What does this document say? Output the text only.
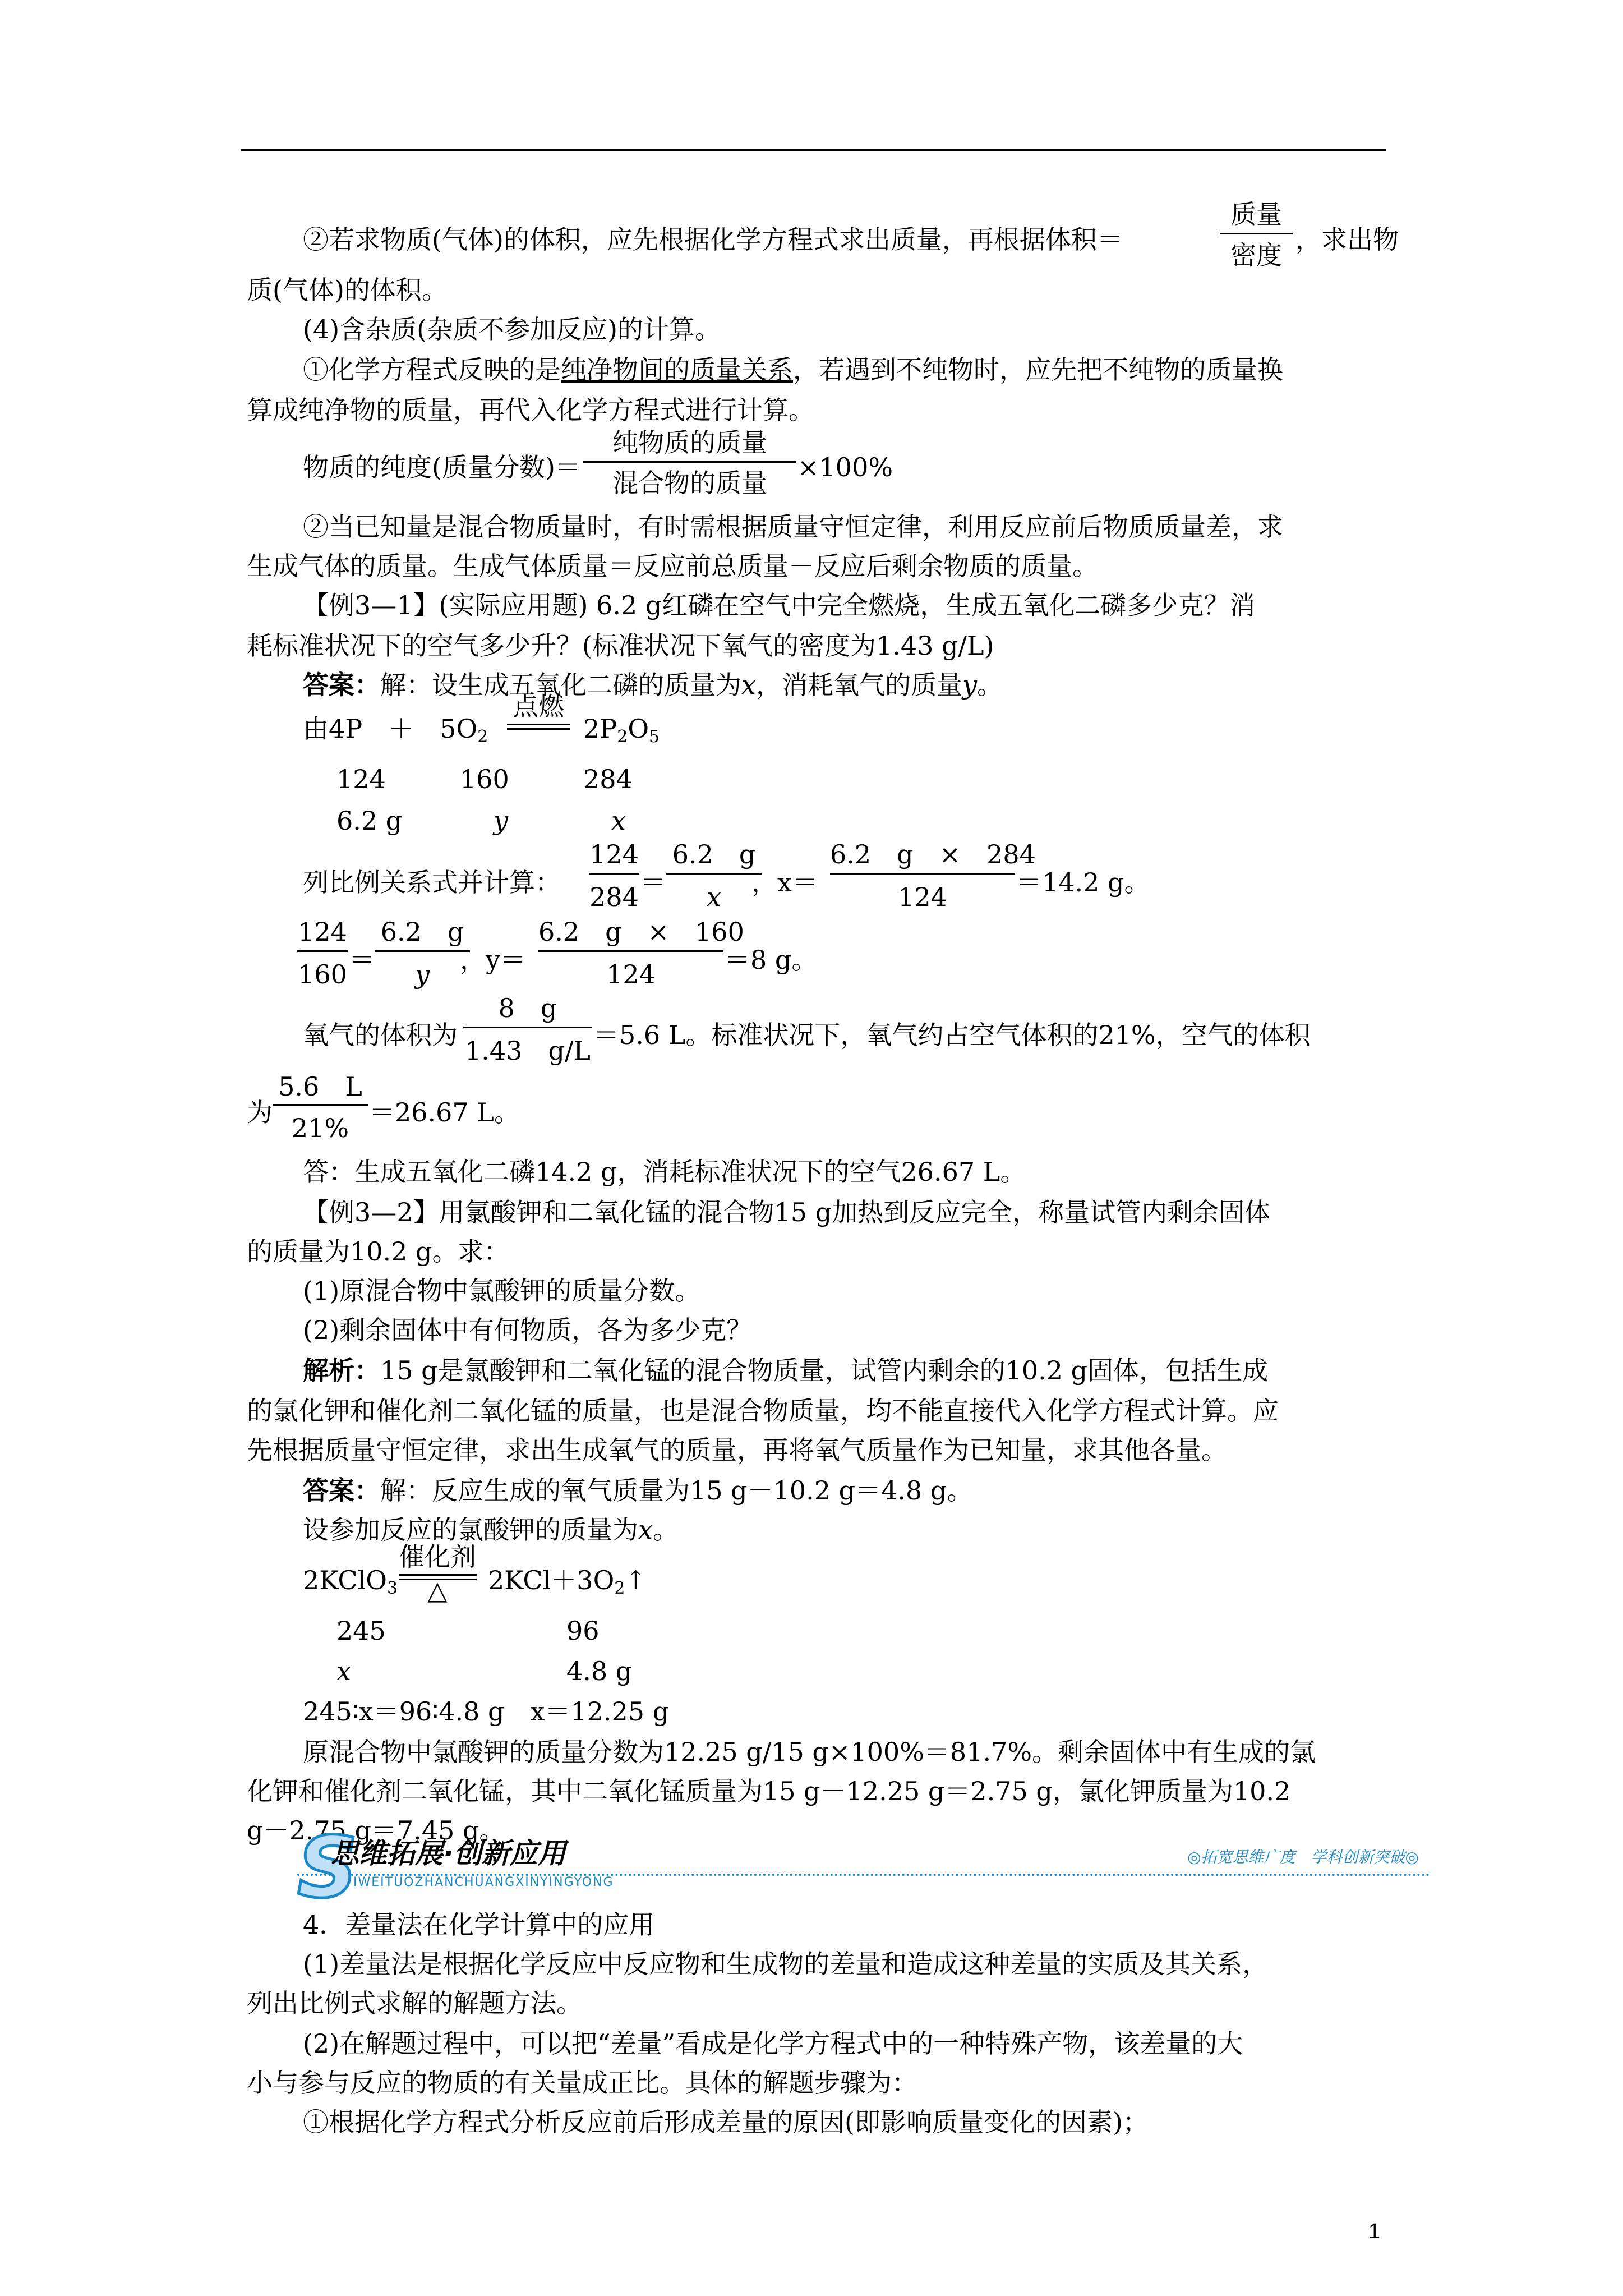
②若求物质(气体)的体积，应先根据化学方程式求出质量，再根据体积＝
质量
密度
，求出物
质(气体)的体积。
(4)含杂质(杂质不参加反应)的计算。
①化学方程式反映的是纯净物间的质量关系，若遇到不纯物时，应先把不纯物的质量换
算成纯净物的质量，再代入化学方程式进行计算。
物质的纯度(质量分数)＝
纯物质的质量
混合物的质量
×100%
②当已知量是混合物质量时，有时需根据质量守恒定律，利用反应前后物质质量差，求
生成气体的质量。生成气体质量＝反应前总质量－反应后剩余物质的质量。
【例3—1】(实际应用题) 6.2 g红磷在空气中完全燃烧，生成五氧化二磷多少克？消
耗标准状况下的空气多少升？(标准状况下氧气的密度为1.43 g/L)
答案：解：设生成五氧化二磷的质量为x，消耗氧气的质量y。
由4P　＋　$5O_2$
点燃
$2P_2O_5$
124	160	284
6.2 g	y	x
列比例关系式并计算：
124
284 ＝
6.2　g
x	，x＝
6.2　g　×　284
124	＝14.2 g。
124
160 ＝
6.2　g
y	，y＝
6.2　g　×　160
124	＝8 g。
氧气的体积为
8　g
1.43　g/L
＝5.6 L。标准状况下，氧气约占空气体积的21%，空气的体积
为
5.6　L
21%
＝26.67 L。
答：生成五氧化二磷14.2 g，消耗标准状况下的空气26.67 L。
【例3—2】用氯酸钾和二氧化锰的混合物15 g加热到反应完全，称量试管内剩余固体
的质量为10.2 g。求：
(1)原混合物中氯酸钾的质量分数。
(2)剩余固体中有何物质，各为多少克？
解析：15 g是氯酸钾和二氧化锰的混合物质量，试管内剩余的10.2 g固体，包括生成
的氯化钾和催化剂二氧化锰的质量，也是混合物质量，均不能直接代入化学方程式计算。应
先根据质量守恒定律，求出生成氧气的质量，再将氧气质量作为已知量，求其他各量。
答案：解：反应生成的氧气质量为15 g－10.2 g＝4.8 g。
设参加反应的氯酸钾的质量为x。
2KClO$_3$
催化剂
△	$2KCl+3O_2↑$
245	96
x	4.8 g
245∶x＝96∶4.8 g　x＝12.25 g
原混合物中氯酸钾的质量分数为12.25 g/15 g×100%＝81.7%。剩余固体中有生成的氯
化钾和催化剂二氧化锰，其中二氧化锰质量为15 g－12.25 g＝2.75 g，氯化钾质量为10.2
g－2.75 g＝7.45 g。
S
思维拓展·创新应用
IWEITUOZHANCHUANGXINYINGYONG
◎拓宽思维广度　学科创新突破◎
4．差量法在化学计算中的应用
(1)差量法是根据化学反应中反应物和生成物的差量和造成这种差量的实质及其关系，
列出比例式求解的解题方法。
(2)在解题过程中，可以把“差量”看成是化学方程式中的一种特殊产物，该差量的大
小与参与反应的物质的有关量成正比。具体的解题步骤为：
①根据化学方程式分析反应前后形成差量的原因(即影响质量变化的因素)；
1
